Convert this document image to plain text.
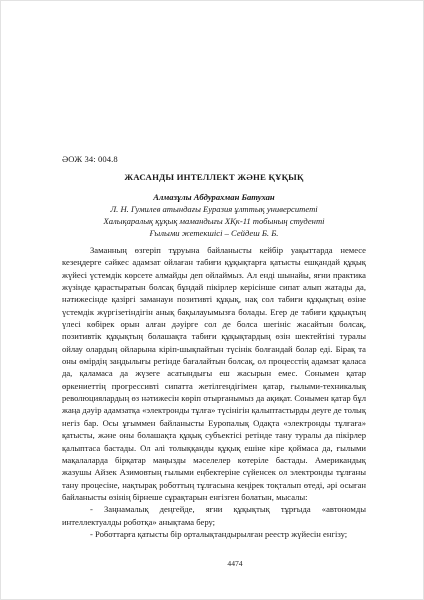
ӘОЖ 34: 004.8
ЖАСАНДЫ ИНТЕЛЛЕКТ ЖӘНЕ ҚҰҚЫҚ
Алмазұлы Абдурахман Батухан
Л. Н. Гумилев атындағы Еуразия ұлттық университеті
Халықаралық құқық мамандығы ХҚк-11 тобының студенті
Ғылыми жетекшісі – Сейдеш Б. Б.

Заманның өзгеріп тұруына байланысты кейбір уақыттарда немесе кезеңдерге сәйкес адамзат ойлаған табиғи құқықтарға қатысты ешқандай құқық жүйесі үстемдік көрсете алмайды деп ойлаймыз. Ал енді шынайы, яғни практика жүзінде қарастыратын болсақ бұндай пікірлер керісінше сипат алып жатады да, нәтижесінде қазіргі заманауи позитивті құқық, нақ сол табиғи құқықтың өзіне үстемдік жүргізетіндігін анық бақылауымызға болады. Егер де табиғи құқықтың үлесі көбірек орын алған дәуірге сол де болса шегініс жасайтын болсақ, позитивтік құқықтың болашақта табиғи құқықтардың өзін шектейтіні туралы ойлау олардың ойларына кіріп-шықпайтын түсінік болғандай болар еді. Бірақ та оны өмірдің заңдылығы ретінде бағалайтын болсақ, ол процесстің адамзат қаласа да, қаламаса да жүзеге асатындығы еш жасырын емес. Сонымен қатар өркениеттің прогрессивті сипатта жетілгендігімен қатар, ғылыми-техникалық революциялардың өз нәтижесін көріп отырғанымыз да ақиқат. Сонымен қатар бұл жаңа дәуір адамзатқа «электронды тұлға» түсінігін қалыптастырды деуге де толық негіз бар. Осы ұғыммен байланысты Еуропалық Одақта «электронды тұлғаға» қатысты, және оны болашақта құқық субъектісі ретінде тану туралы да пікірлер қалыптаса бастады. Ол әлі толыққанды құқық ешіне кіре қоймаса да, ғылыми мақалаларда бірқатар маңызды мәселелер көтеріле бастады. Американдық жазушы Айзек Азимовтың ғылыми еңбектеріне сүйенсек ол электронды тұлғаны тану процесіне, нақтырақ роботтың тұлғасына кеңірек тоқталып өтеді, әрі осыған байланысты өзінің бірнеше сұрақтарын енгізген болатын, мысалы:

- Заңнамалық деңгейде, яғни құқықтық тұрғыда «автономды интеллектуалды роботқа» анықтама беру;

- Роботтарға қатысты бір орталықтандырылған реестр жүйесін енгізу;

4474
